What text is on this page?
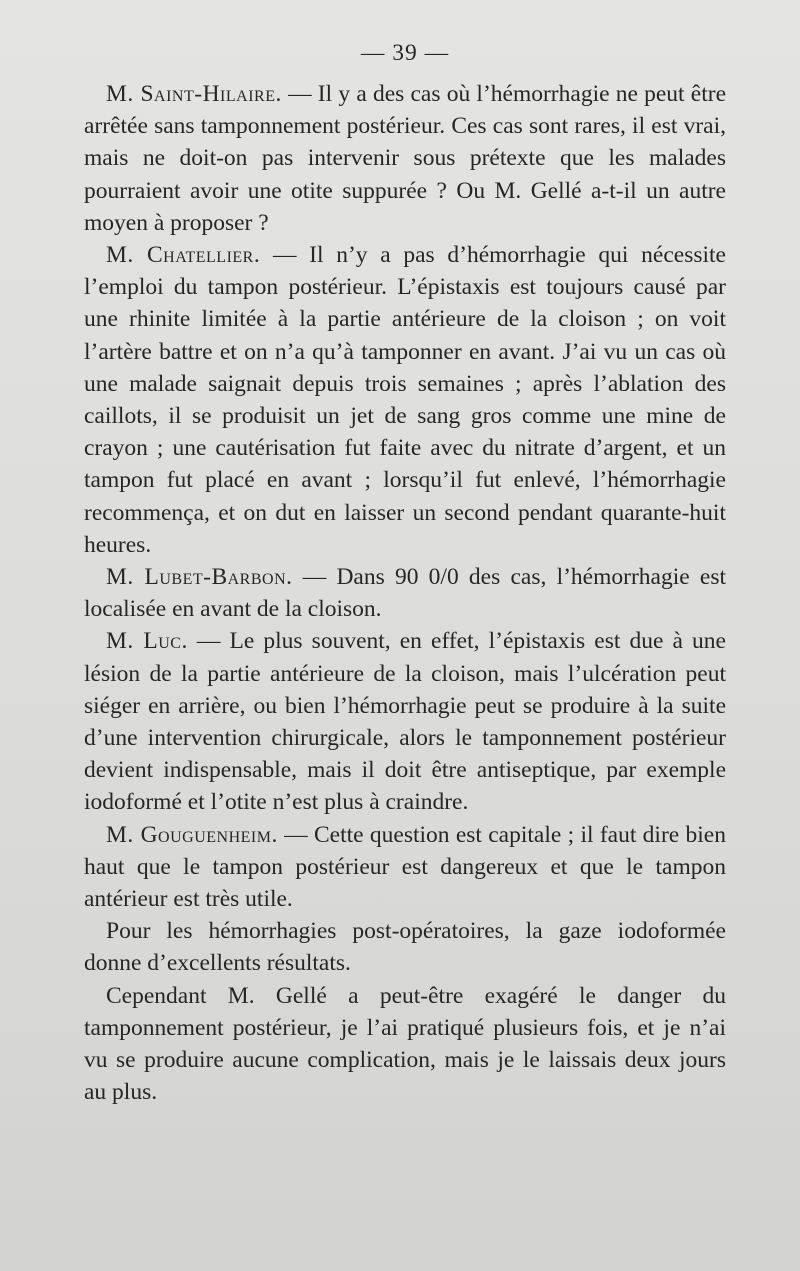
— 39 —

M. Saint-Hilaire. — Il y a des cas où l’hémorrhagie ne peut être arrêtée sans tamponnement postérieur. Ces cas sont rares, il est vrai, mais ne doit-on pas intervenir sous prétexte que les malades pourraient avoir une otite suppurée ? Ou M. Gellé a-t-il un autre moyen à proposer ?

M. Chatellier. — Il n’y a pas d’hémorrhagie qui nécessite l’emploi du tampon postérieur. L’épistaxis est toujours causé par une rhinite limitée à la partie antérieure de la cloison ; on voit l’artère battre et on n’a qu’à tamponner en avant. J’ai vu un cas où une malade saignait depuis trois semaines ; après l’ablation des caillots, il se produisit un jet de sang gros comme une mine de crayon ; une cautérisation fut faite avec du nitrate d’argent, et un tampon fut placé en avant ; lorsqu’il fut enlevé, l’hémorrhagie recommença, et on dut en laisser un second pendant quarante-huit heures.

M. Lubet-Barbon. — Dans 90 0/0 des cas, l’hémorrhagie est localisée en avant de la cloison.

M. Luc. — Le plus souvent, en effet, l’épistaxis est due à une lésion de la partie antérieure de la cloison, mais l’ulcération peut siéger en arrière, ou bien l’hémorrhagie peut se produire à la suite d’une intervention chirurgicale, alors le tamponnement postérieur devient indispensable, mais il doit être antiseptique, par exemple iodoformé et l’otite n’est plus à craindre.

M. Gouguenheim. — Cette question est capitale ; il faut dire bien haut que le tampon postérieur est dangereux et que le tampon antérieur est très utile.

Pour les hémorrhagies post-opératoires, la gaze iodoformée donne d’excellents résultats.

Cependant M. Gellé a peut-être exagéré le danger du tamponnement postérieur, je l’ai pratiqué plusieurs fois, et je n’ai vu se produire aucune complication, mais je le laissais deux jours au plus.
